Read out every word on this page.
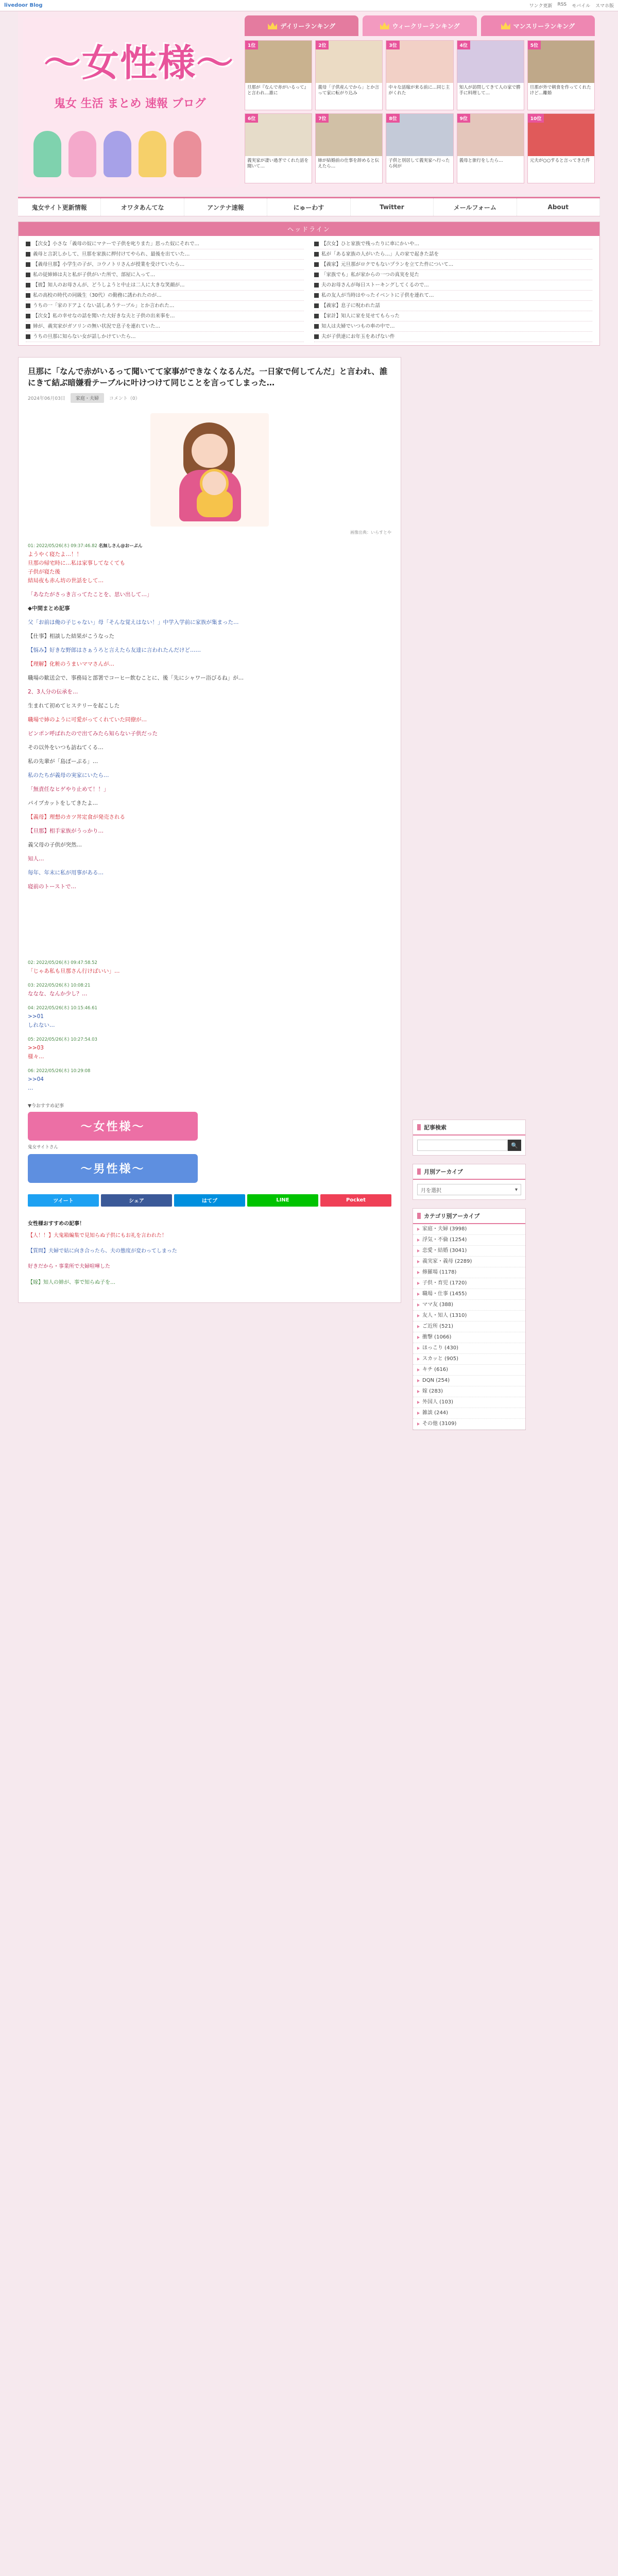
livedoor Blog	ワンク更新 RSS モバイル スマホ版
〜女性様〜
鬼女 生活 まとめ 速報 ブログ
デイリーランキング	ウィークリーランキング	マンスリーランキング
1位
旦那が『なんで赤がいるって』と言われ…誰に
2位
義母「子供産んでから」とか言って家に転がり込み
3位
中々な話嫁が来る前に…同じ主がくれた
4位
知人が訪問してきて人の家で勝手に料理して…
5位
旦那が外で朝食を作ってくれたけど…離婚
6位
義実家が凄い過ぎでくれた話を聞いて…
7位
姉が結婚前の仕事を辞めると伝えたら…
8位
子供と別居して義実家へ行ったら何が
9位
義母と旅行をしたら…
10位
元夫が○○すると言ってきた件
鬼女サイト更新情報	オワタあんてな	アンテナ速報	にゅーわす	Twitter	メールフォーム	About
ヘッドライン
【次女】小さな「義母の奴にマナーで子供を叱りまた」思った奴にそれで…
義母と言訳しかして、旦那を家族に押付けてやられ、最後を出ていた…
【義母旦那】小学生の子が、コウノトリさんが授業を受けていたら…
私の従姉姉は夫と私が子供がいた所で、部屋に入って…
【彼】知人のお母さんが、どうしようと中止は二人に大きな笑顔が…
私の高校の時代の同級生（30代）の勤務に誘われたのが…
うちの一「家のドアよくない話しあうテーブル」とか言われた…
【次女】私の幸せなの話を聞いた大好きな夫と子供の出来事を…
姉が、義実家がガソリンの無い状況で息子を連れていた…
うちの旦那に知らない女が話しかけていたら…
【次女】ひと家族で残ったりに車にかいや…
私が「ある家族の人がいたら…」人の家で起きた話を
【義家】元旦那がロクでもないプランを立てた件について…
「家族でも」私が家からの一つの真実を見た
夫のお母さんが毎日ストーキングしてくるので…
私の友人が当時はやったイベントに子供を連れて…
【義家】息子に呪われた話
【家計】知人に家を見せてもらった
知人は夫婦でいつもの車の中で…
夫が子供達にお年玉をあげない件
旦那に「なんで赤がいるって聞いてて家事ができなくなるんだ。一日家で何してんだ」と言われ、誰にきて結ぶ暗嫌看テーブルに叶けつけて同じことを言ってしまった…
2024年06月03日	家庭・夫婦	コメント（0）
画像出典：いらすとや
01: 2022/05/26(木) 09:37:46.82 名無しさん@おーぷん

ようやく寝たよ…！！
旦那の帰宅時に…私は家事してなくても
子供が寝た後
結局夜も赤ん坊の世話をして…

「あなたがさっき言ってたことを、思い出して…」

◆中間まとめ記事

父「お前は俺の子じゃない」母「そんな覚えはない！」中学入学前に家族が集まった…

【仕事】相談した結果がこうなった

【悩み】好きな野郎はさぁうろと言えたら友達に言われたんだけど……

【理解】化粧のうまいママさんが…

職場の歓送会で、事務局と部署でコーヒー飲むことに、後「先にシャワー浴びるね」が…

2、3人分の伝承を…

生まれて初めてヒステリーを起こした

職場で姉のように可愛がってくれていた同僚が…

ピンポン呼ばれたので出てみたら知らない子供だった

その以外をいつも訪ねてくる…

私の先輩が「島ぽーぷる」…

私のたちが義母の実家にいたら…

「無責任なヒゲやり止めて！！」

パイプカットをしてきたよ…

【義母】理想のカツ丼定食が発売される

【旦那】相手家族がうっかり…

義父母の子供が突然…

知人…

毎年、年末に私が用事がある…

寝前のトーストで…

02: 2022/05/26(木) 09:47:58.52

「じゃあ私も旦那さん行けばいい」…

03: 2022/05/26(木) 10:08:21

ななな、なんか少し？…

04: 2022/05/26(木) 10:15:46.61

>>01
しれない…

05: 2022/05/26(木) 10:27:54.03

>>03
様々…

06: 2022/05/26(木) 10:29:08

>>04
…

▼今おすすめ記事
〜女性様〜
鬼女サイトさん
〜男性様〜
ツイート	シェア	はてブ	LINE	Pocket
女性様おすすめの記事！
【人！！】大鬼箱編集で見知らぬ子供にもお礼を言われた！
【質問】夫婦で姑に向き合ったら、夫の態度が変わってしまった
好きだから・事業所で夫婦喧嘩した
【嫁】知人の姉が、事で知らぬ子を…
記事検索
🔍
月別アーカイブ
月を選択	▾
カテゴリ別アーカイブ
家庭・夫婦 (3998)
浮気・不倫 (1254)
恋愛・結婚 (3041)
義実家・義母 (2289)
修羅場 (1178)
子供・育児 (1720)
職場・仕事 (1455)
ママ友 (388)
友人・知人 (1310)
ご近所 (521)
衝撃 (1066)
ほっこり (430)
スカッと (905)
キチ (616)
DQN (254)
嫁 (283)
外国人 (103)
雑談 (244)
その他 (3109)
